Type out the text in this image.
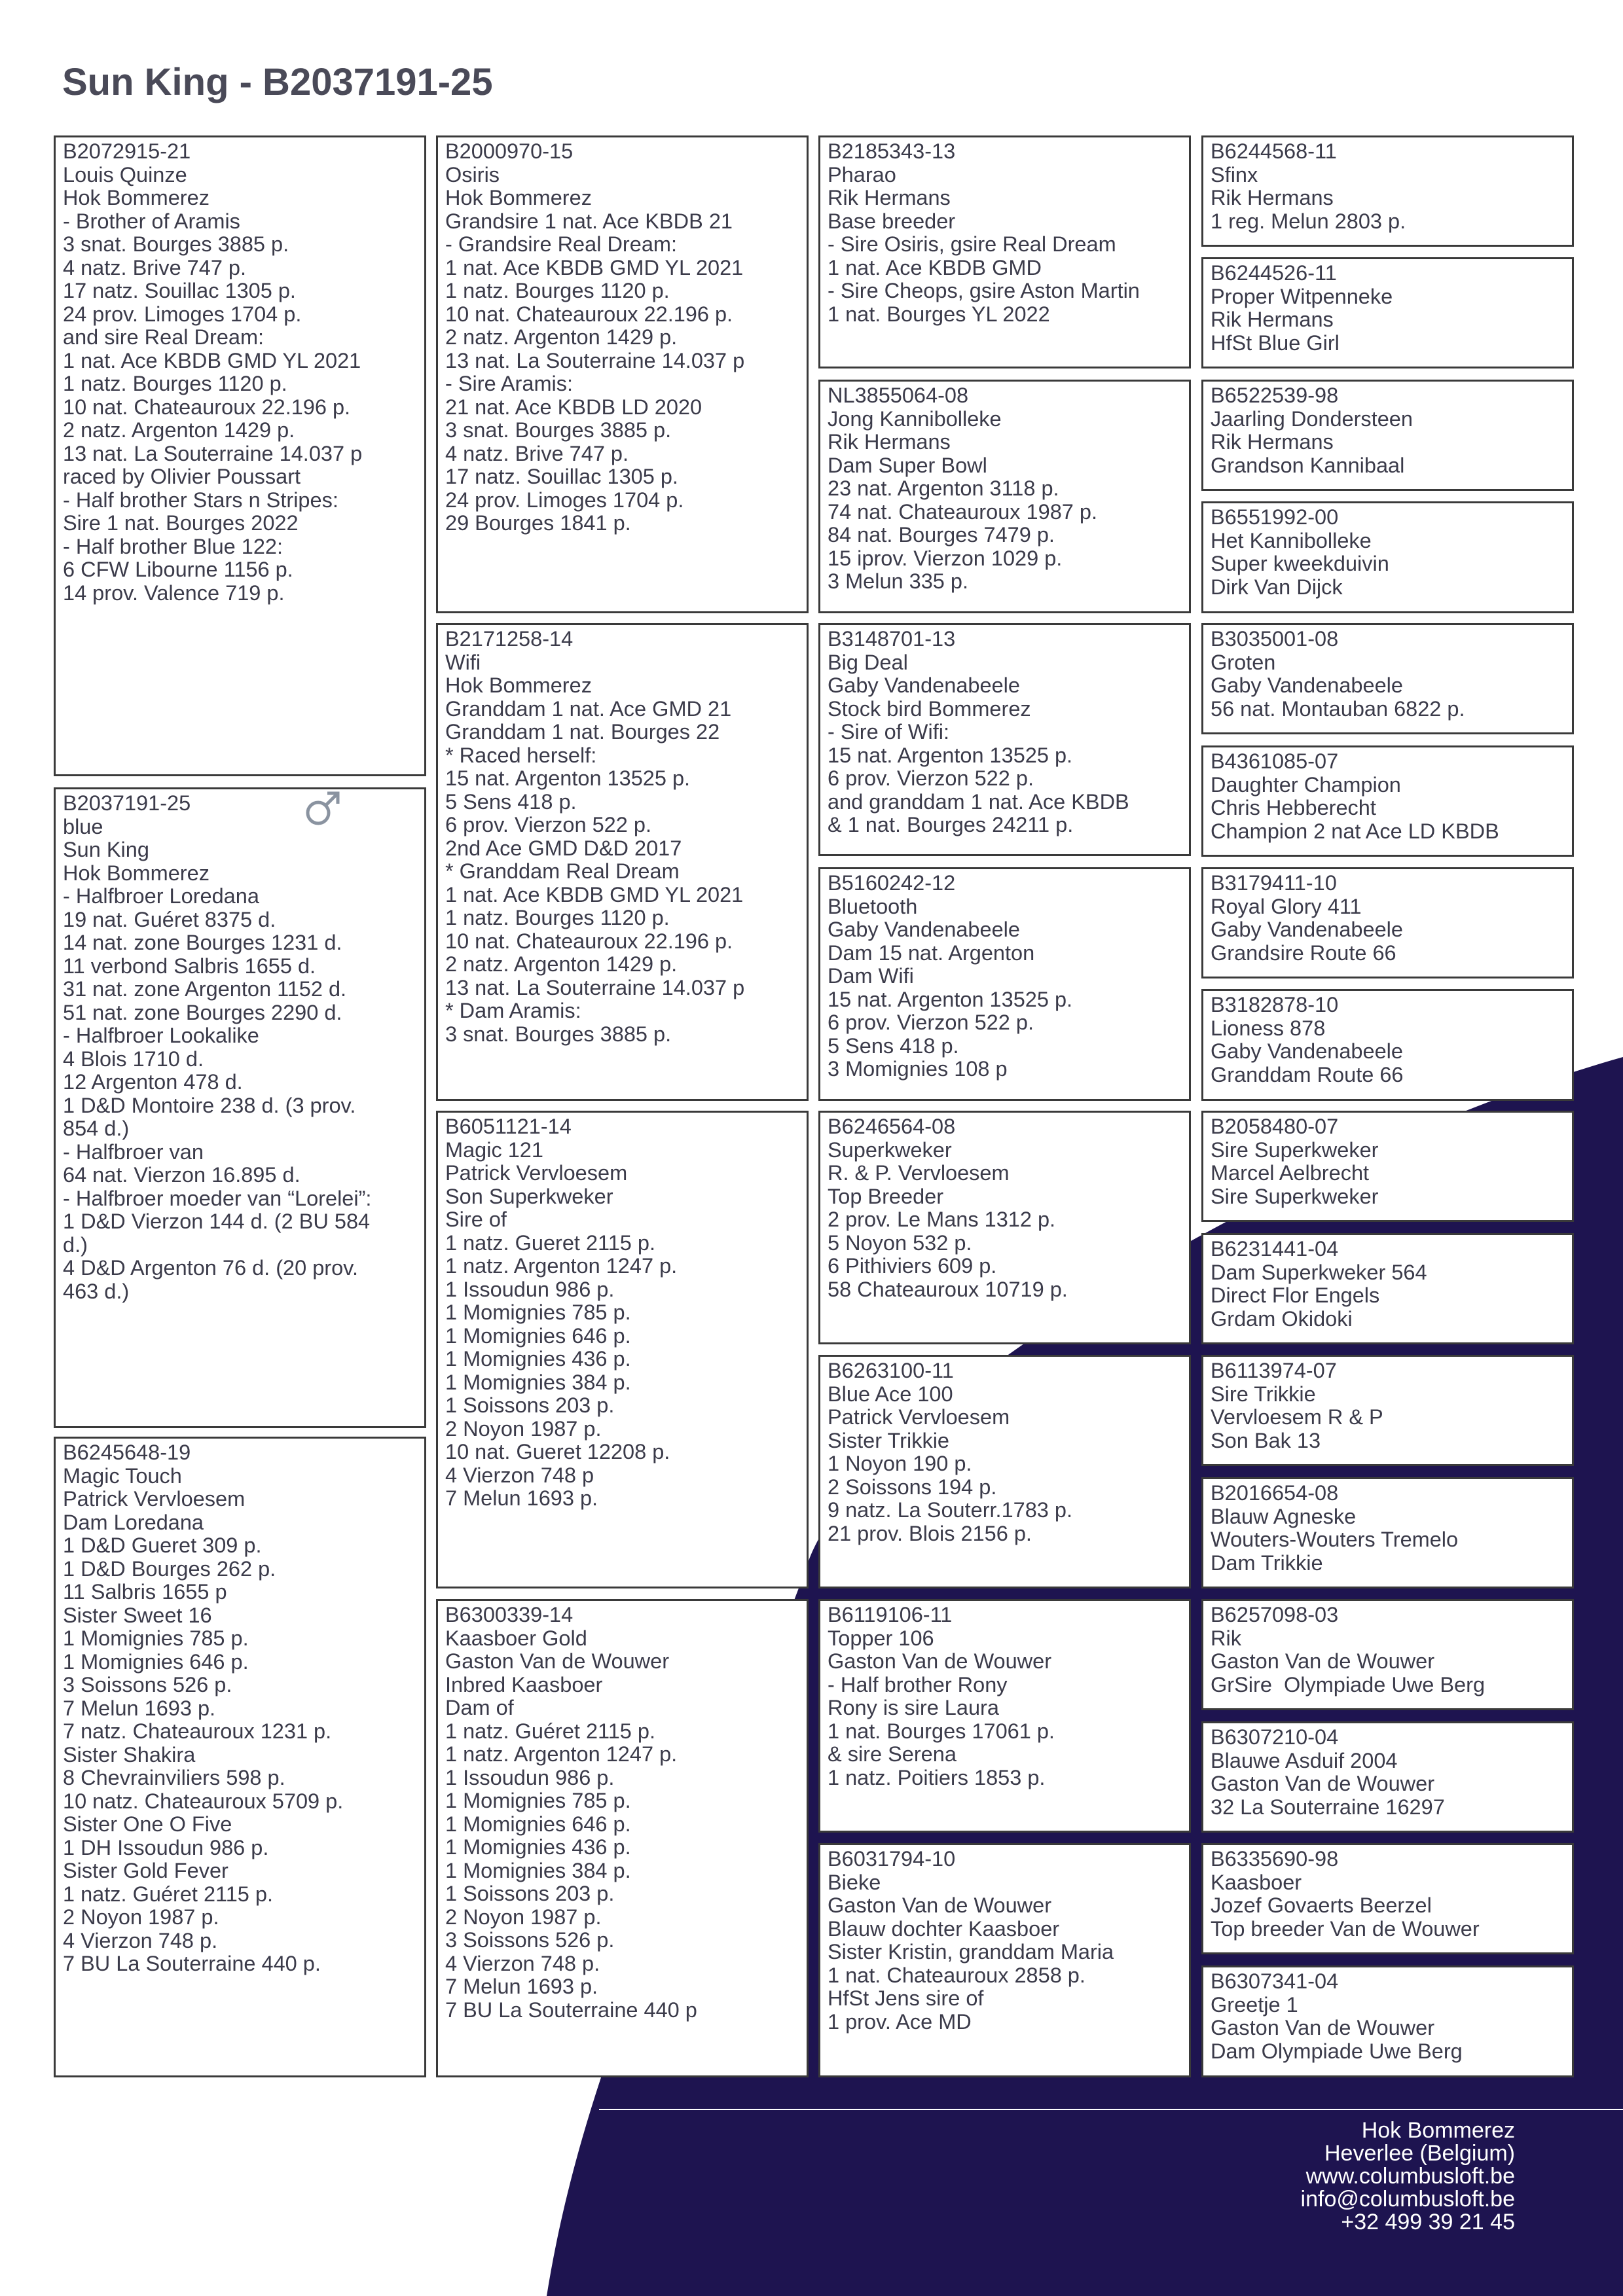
Sun King - B2037191-25
B2072915-21
Louis Quinze
Hok Bommerez
- Brother of Aramis
3 snat. Bourges 3885 p.
4 natz. Brive 747 p.
17 natz. Souillac 1305 p.
24 prov. Limoges 1704 p.
and sire Real Dream:
1 nat. Ace KBDB GMD YL 2021
1 natz. Bourges 1120 p.
10 nat. Chateauroux 22.196 p.
2 natz. Argenton 1429 p.
13 nat. La Souterraine 14.037 p
raced by Olivier Poussart
- Half brother Stars n Stripes:
Sire 1 nat. Bourges 2022
- Half brother Blue 122:
6 CFW Libourne 1156 p.
14 prov. Valence 719 p.
B2037191-25
blue
Sun King
Hok Bommerez
- Halfbroer Loredana
19 nat. Guéret 8375 d.
14 nat. zone Bourges 1231 d.
11 verbond Salbris 1655 d.
31 nat. zone Argenton 1152 d.
51 nat. zone Bourges 2290 d.
- Halfbroer Lookalike
4 Blois 1710 d.
12 Argenton 478 d.
1 D&D Montoire 238 d. (3 prov.
854 d.)
- Halfbroer van
64 nat. Vierzon 16.895 d.
- Halfbroer moeder van “Lorelei”:
1 D&D Vierzon 144 d. (2 BU 584
d.)
4 D&D Argenton 76 d. (20 prov.
463 d.)
B6245648-19
Magic Touch
Patrick Vervloesem
Dam Loredana
1 D&D Gueret 309 p.
1 D&D Bourges 262 p.
11 Salbris 1655 p
Sister Sweet 16
1 Momignies 785 p.
1 Momignies 646 p.
3 Soissons 526 p.
7 Melun 1693 p.
7 natz. Chateauroux 1231 p.
Sister Shakira
8 Chevrainviliers 598 p.
10 natz. Chateauroux 5709 p.
Sister One O Five
1 DH Issoudun 986 p.
Sister Gold Fever
1 natz. Guéret 2115 p.
2 Noyon 1987 p.
4 Vierzon 748 p.
7 BU La Souterraine 440 p.
B2000970-15
Osiris
Hok Bommerez
Grandsire 1 nat. Ace KBDB 21
- Grandsire Real Dream:
1 nat. Ace KBDB GMD YL 2021
1 natz. Bourges 1120 p.
10 nat. Chateauroux 22.196 p.
2 natz. Argenton 1429 p.
13 nat. La Souterraine 14.037 p
- Sire Aramis:
21 nat. Ace KBDB LD 2020
3 snat. Bourges 3885 p.
4 natz. Brive 747 p.
17 natz. Souillac 1305 p.
24 prov. Limoges 1704 p.
29 Bourges 1841 p.
B2171258-14
Wifi
Hok Bommerez
Granddam 1 nat. Ace GMD 21
Granddam 1 nat. Bourges 22
* Raced herself:
15 nat. Argenton 13525 p.
5 Sens 418 p.
6 prov. Vierzon 522 p.
2nd Ace GMD D&D 2017
* Granddam Real Dream
1 nat. Ace KBDB GMD YL 2021
1 natz. Bourges 1120 p.
10 nat. Chateauroux 22.196 p.
2 natz. Argenton 1429 p.
13 nat. La Souterraine 14.037 p
* Dam Aramis:
3 snat. Bourges 3885 p.
B6051121-14
Magic 121
Patrick Vervloesem
Son Superkweker
Sire of
1 natz. Gueret 2115 p.
1 natz. Argenton 1247 p.
1 Issoudun 986 p.
1 Momignies 785 p.
1 Momignies 646 p.
1 Momignies 436 p.
1 Momignies 384 p.
1 Soissons 203 p.
2 Noyon 1987 p.
10 nat. Gueret 12208 p.
4 Vierzon 748 p
7 Melun 1693 p.
B6300339-14
Kaasboer Gold
Gaston Van de Wouwer
Inbred Kaasboer
Dam of
1 natz. Guéret 2115 p.
1 natz. Argenton 1247 p.
1 Issoudun 986 p.
1 Momignies 785 p.
1 Momignies 646 p.
1 Momignies 436 p.
1 Momignies 384 p.
1 Soissons 203 p.
2 Noyon 1987 p.
3 Soissons 526 p.
4 Vierzon 748 p.
7 Melun 1693 p.
7 BU La Souterraine 440 p
B2185343-13
Pharao
Rik Hermans
Base breeder
- Sire Osiris, gsire Real Dream
1 nat. Ace KBDB GMD
- Sire Cheops, gsire Aston Martin
1 nat. Bourges YL 2022
NL3855064-08
Jong Kannibolleke
Rik Hermans
Dam Super Bowl
23 nat. Argenton 3118 p.
74 nat. Chateauroux 1987 p.
84 nat. Bourges 7479 p.
15 iprov. Vierzon 1029 p.
3 Melun 335 p.
B3148701-13
Big Deal
Gaby Vandenabeele
Stock bird Bommerez
- Sire of Wifi:
15 nat. Argenton 13525 p.
6 prov. Vierzon 522 p.
and granddam 1 nat. Ace KBDB
& 1 nat. Bourges 24211 p.
B5160242-12
Bluetooth
Gaby Vandenabeele
Dam 15 nat. Argenton
Dam Wifi
15 nat. Argenton 13525 p.
6 prov. Vierzon 522 p.
5 Sens 418 p.
3 Momignies 108 p
B6246564-08
Superkweker
R. & P. Vervloesem
Top Breeder
2 prov. Le Mans 1312 p.
5 Noyon 532 p.
6 Pithiviers 609 p.
58 Chateauroux 10719 p.
B6263100-11
Blue Ace 100
Patrick Vervloesem
Sister Trikkie
1 Noyon 190 p.
2 Soissons 194 p.
9 natz. La Souterr.1783 p.
21 prov. Blois 2156 p.
B6119106-11
Topper 106
Gaston Van de Wouwer
- Half brother Rony
Rony is sire Laura
1 nat. Bourges 17061 p.
& sire Serena
1 natz. Poitiers 1853 p.
B6031794-10
Bieke
Gaston Van de Wouwer
Blauw dochter Kaasboer
Sister Kristin, granddam Maria
1 nat. Chateauroux 2858 p.
HfSt Jens sire of
1 prov. Ace MD
B6244568-11
Sfinx
Rik Hermans
1 reg. Melun 2803 p.
B6244526-11
Proper Witpenneke
Rik Hermans
HfSt Blue Girl
B6522539-98
Jaarling Dondersteen
Rik Hermans
Grandson Kannibaal
B6551992-00
Het Kannibolleke
Super kweekduivin
Dirk Van Dijck
B3035001-08
Groten
Gaby Vandenabeele
56 nat. Montauban 6822 p.
B4361085-07
Daughter Champion
Chris Hebberecht
Champion 2 nat Ace LD KBDB
B3179411-10
Royal Glory 411
Gaby Vandenabeele
Grandsire Route 66
B3182878-10
Lioness 878
Gaby Vandenabeele
Granddam Route 66
B2058480-07
Sire Superkweker
Marcel Aelbrecht
Sire Superkweker
B6231441-04
Dam Superkweker 564
Direct Flor Engels
Grdam Okidoki
B6113974-07
Sire Trikkie
Vervloesem R & P
Son Bak 13
B2016654-08
Blauw Agneske
Wouters-Wouters Tremelo
Dam Trikkie
B6257098-03
Rik
Gaston Van de Wouwer
GrSire  Olympiade Uwe Berg
B6307210-04
Blauwe Asduif 2004
Gaston Van de Wouwer
32 La Souterraine 16297
B6335690-98
Kaasboer
Jozef Govaerts Beerzel
Top breeder Van de Wouwer
B6307341-04
Greetje 1
Gaston Van de Wouwer
Dam Olympiade Uwe Berg
Hok Bommerez
Heverlee (Belgium)
www.columbusloft.be
info@columbusloft.be
+32 499 39 21 45
